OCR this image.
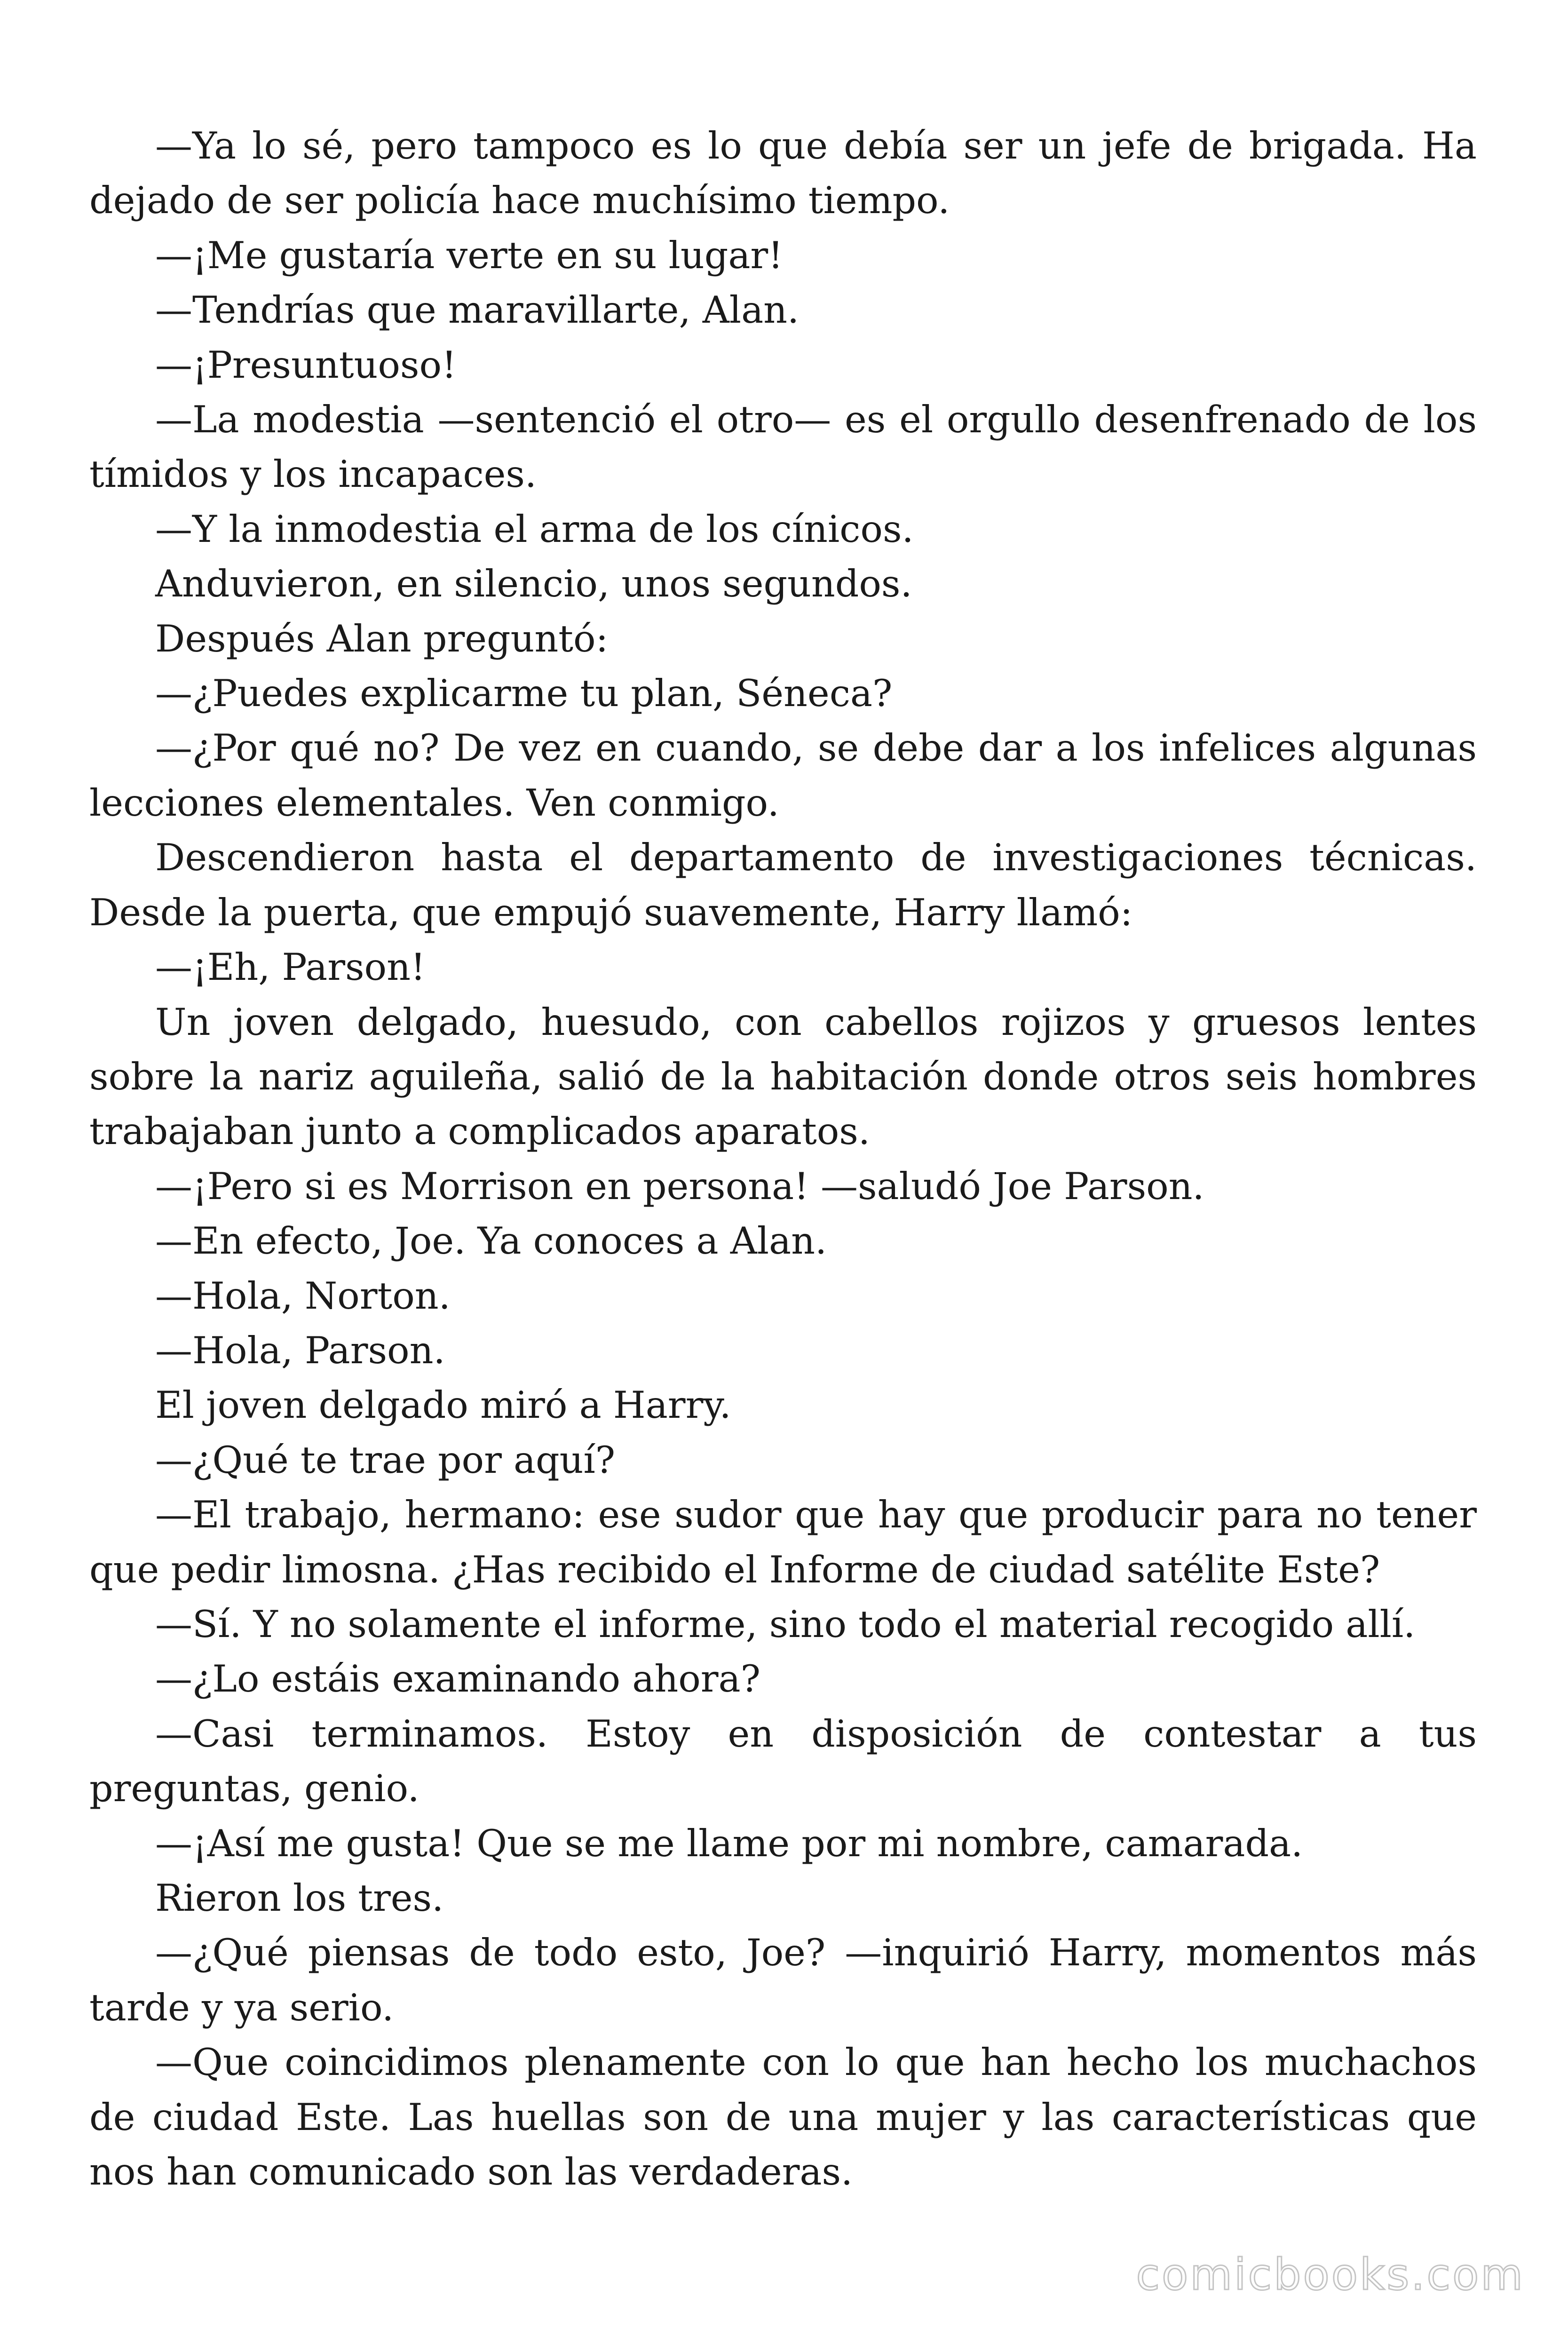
—Ya lo sé, pero tampoco es lo que debía ser un jefe de brigada. Ha dejado de ser policía hace muchísimo tiempo.

—¡Me gustaría verte en su lugar!

—Tendrías que maravillarte, Alan.

—¡Presuntuoso!

—La modestia —sentenció el otro— es el orgullo desenfrenado de los tímidos y los incapaces.

—Y la inmodestia el arma de los cínicos.

Anduvieron, en silencio, unos segundos.

Después Alan preguntó:

—¿Puedes explicarme tu plan, Séneca?

—¿Por qué no? De vez en cuando, se debe dar a los infelices algunas lecciones elementales. Ven conmigo.

Descendieron hasta el departamento de investigaciones técnicas. Desde la puerta, que empujó suavemente, Harry llamó:

—¡Eh, Parson!

Un joven delgado, huesudo, con cabellos rojizos y gruesos lentes sobre la nariz aguileña, salió de la habitación donde otros seis hombres trabajaban junto a complicados aparatos.

—¡Pero si es Morrison en persona! —saludó Joe Parson.

—En efecto, Joe. Ya conoces a Alan.

—Hola, Norton.

—Hola, Parson.

El joven delgado miró a Harry.

—¿Qué te trae por aquí?

—El trabajo, hermano: ese sudor que hay que producir para no tener que pedir limosna. ¿Has recibido el Informe de ciudad satélite Este?

—Sí. Y no solamente el informe, sino todo el material recogido allí.

—¿Lo estáis examinando ahora?

—Casi terminamos. Estoy en disposición de contestar a tus preguntas, genio.

—¡Así me gusta! Que se me llame por mi nombre, camarada.

Rieron los tres.

—¿Qué piensas de todo esto, Joe? —inquirió Harry, momentos más tarde y ya serio.

—Que coincidimos plenamente con lo que han hecho los muchachos de ciudad Este. Las huellas son de una mujer y las características que nos han comunicado son las verdaderas.

comicbooks.com
